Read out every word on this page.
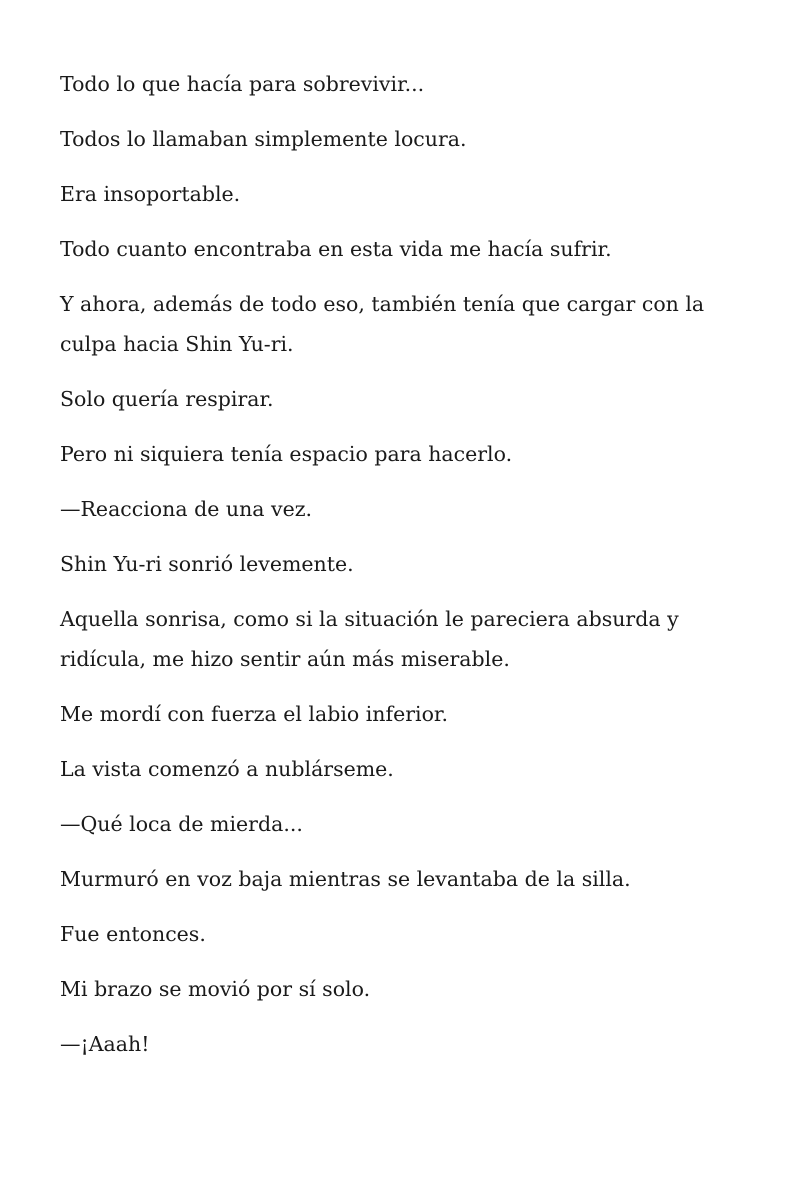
Todo lo que hacía para sobrevivir...

Todos lo llamaban simplemente locura.

Era insoportable.

Todo cuanto encontraba en esta vida me hacía sufrir.

Y ahora, además de todo eso, también tenía que cargar con la culpa hacia Shin Yu-ri.

Solo quería respirar.

Pero ni siquiera tenía espacio para hacerlo.

—Reacciona de una vez.

Shin Yu-ri sonrió levemente.

Aquella sonrisa, como si la situación le pareciera absurda y ridícula, me hizo sentir aún más miserable.

Me mordí con fuerza el labio inferior.

La vista comenzó a nublárseme.

—Qué loca de mierda...

Murmuró en voz baja mientras se levantaba de la silla.

Fue entonces.

Mi brazo se movió por sí solo.

—¡Aaah!
